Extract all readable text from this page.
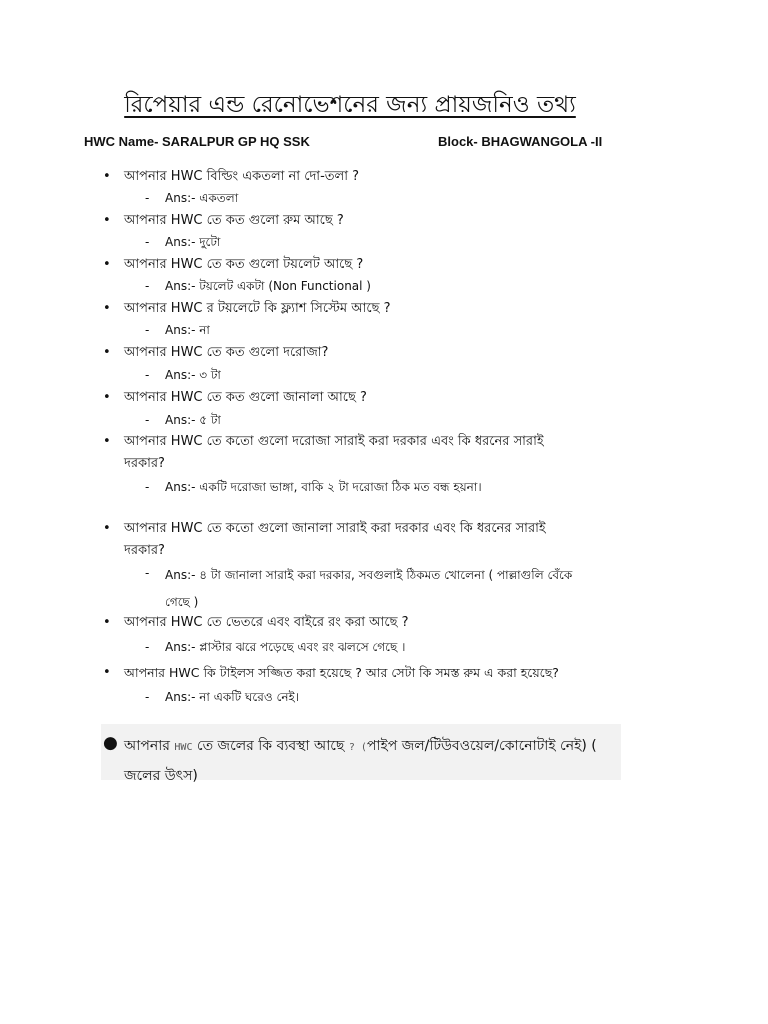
রিপেয়ার এন্ড রেনোভেশনের জন্য প্রায়জনিও তথ্য
HWC Name- SARALPUR GP HQ SSK	Block- BHAGWANGOLA -II
• আপনার HWC বিল্ডিং একতলা না দো-তলা ?
- Ans:- একতলা
• আপনার HWC তে কত গুলো রুম আছে ?
- Ans:- দুটো
• আপনার HWC তে কত গুলো টয়লেট আছে ?
- Ans:- টয়লেট একটা (Non Functional )
• আপনার HWC র টয়লেটে কি ফ্ল্যাশ সিস্টেম আছে ?
- Ans:- না
• আপনার HWC তে কত গুলো দরোজা?
- Ans:- ৩ টা
• আপনার HWC তে কত গুলো জানালা আছে ?
- Ans:- ৫ টা
• আপনার HWC তে কতো গুলো দরোজা সারাই করা দরকার এবং কি ধরনের সারাই দরকার?
- Ans:- একটি দরোজা ভাঙ্গা, বাকি ২ টা দরোজা ঠিক মত বন্ধ হয়না।
• আপনার HWC তে কতো গুলো জানালা সারাই করা দরকার এবং কি ধরনের সারাই দরকার?
- Ans:- ৪ টা জানালা সারাই করা দরকার, সবগুলাই ঠিকমত খোলেনা ( পাল্লাগুলি বেঁকে গেছে )
• আপনার HWC তে ভেতরে এবং বাইরে রং করা আছে ?
- Ans:- প্লাস্টার ঝরে পড়েছে এবং রং ঝলসে গেছে ।
• আপনার HWC কি টাইলস সজ্জিত করা হয়েছে ? আর সেটা কি সমস্ত রুম এ করা হয়েছে?
- Ans:- না একটি ঘরেও নেই।
● আপনার HWC তে জলের কি ব্যবস্থা আছে ? (পাইপ জল/টিউবওয়েল/কোনোটাই নেই) ( জলের উৎস)
